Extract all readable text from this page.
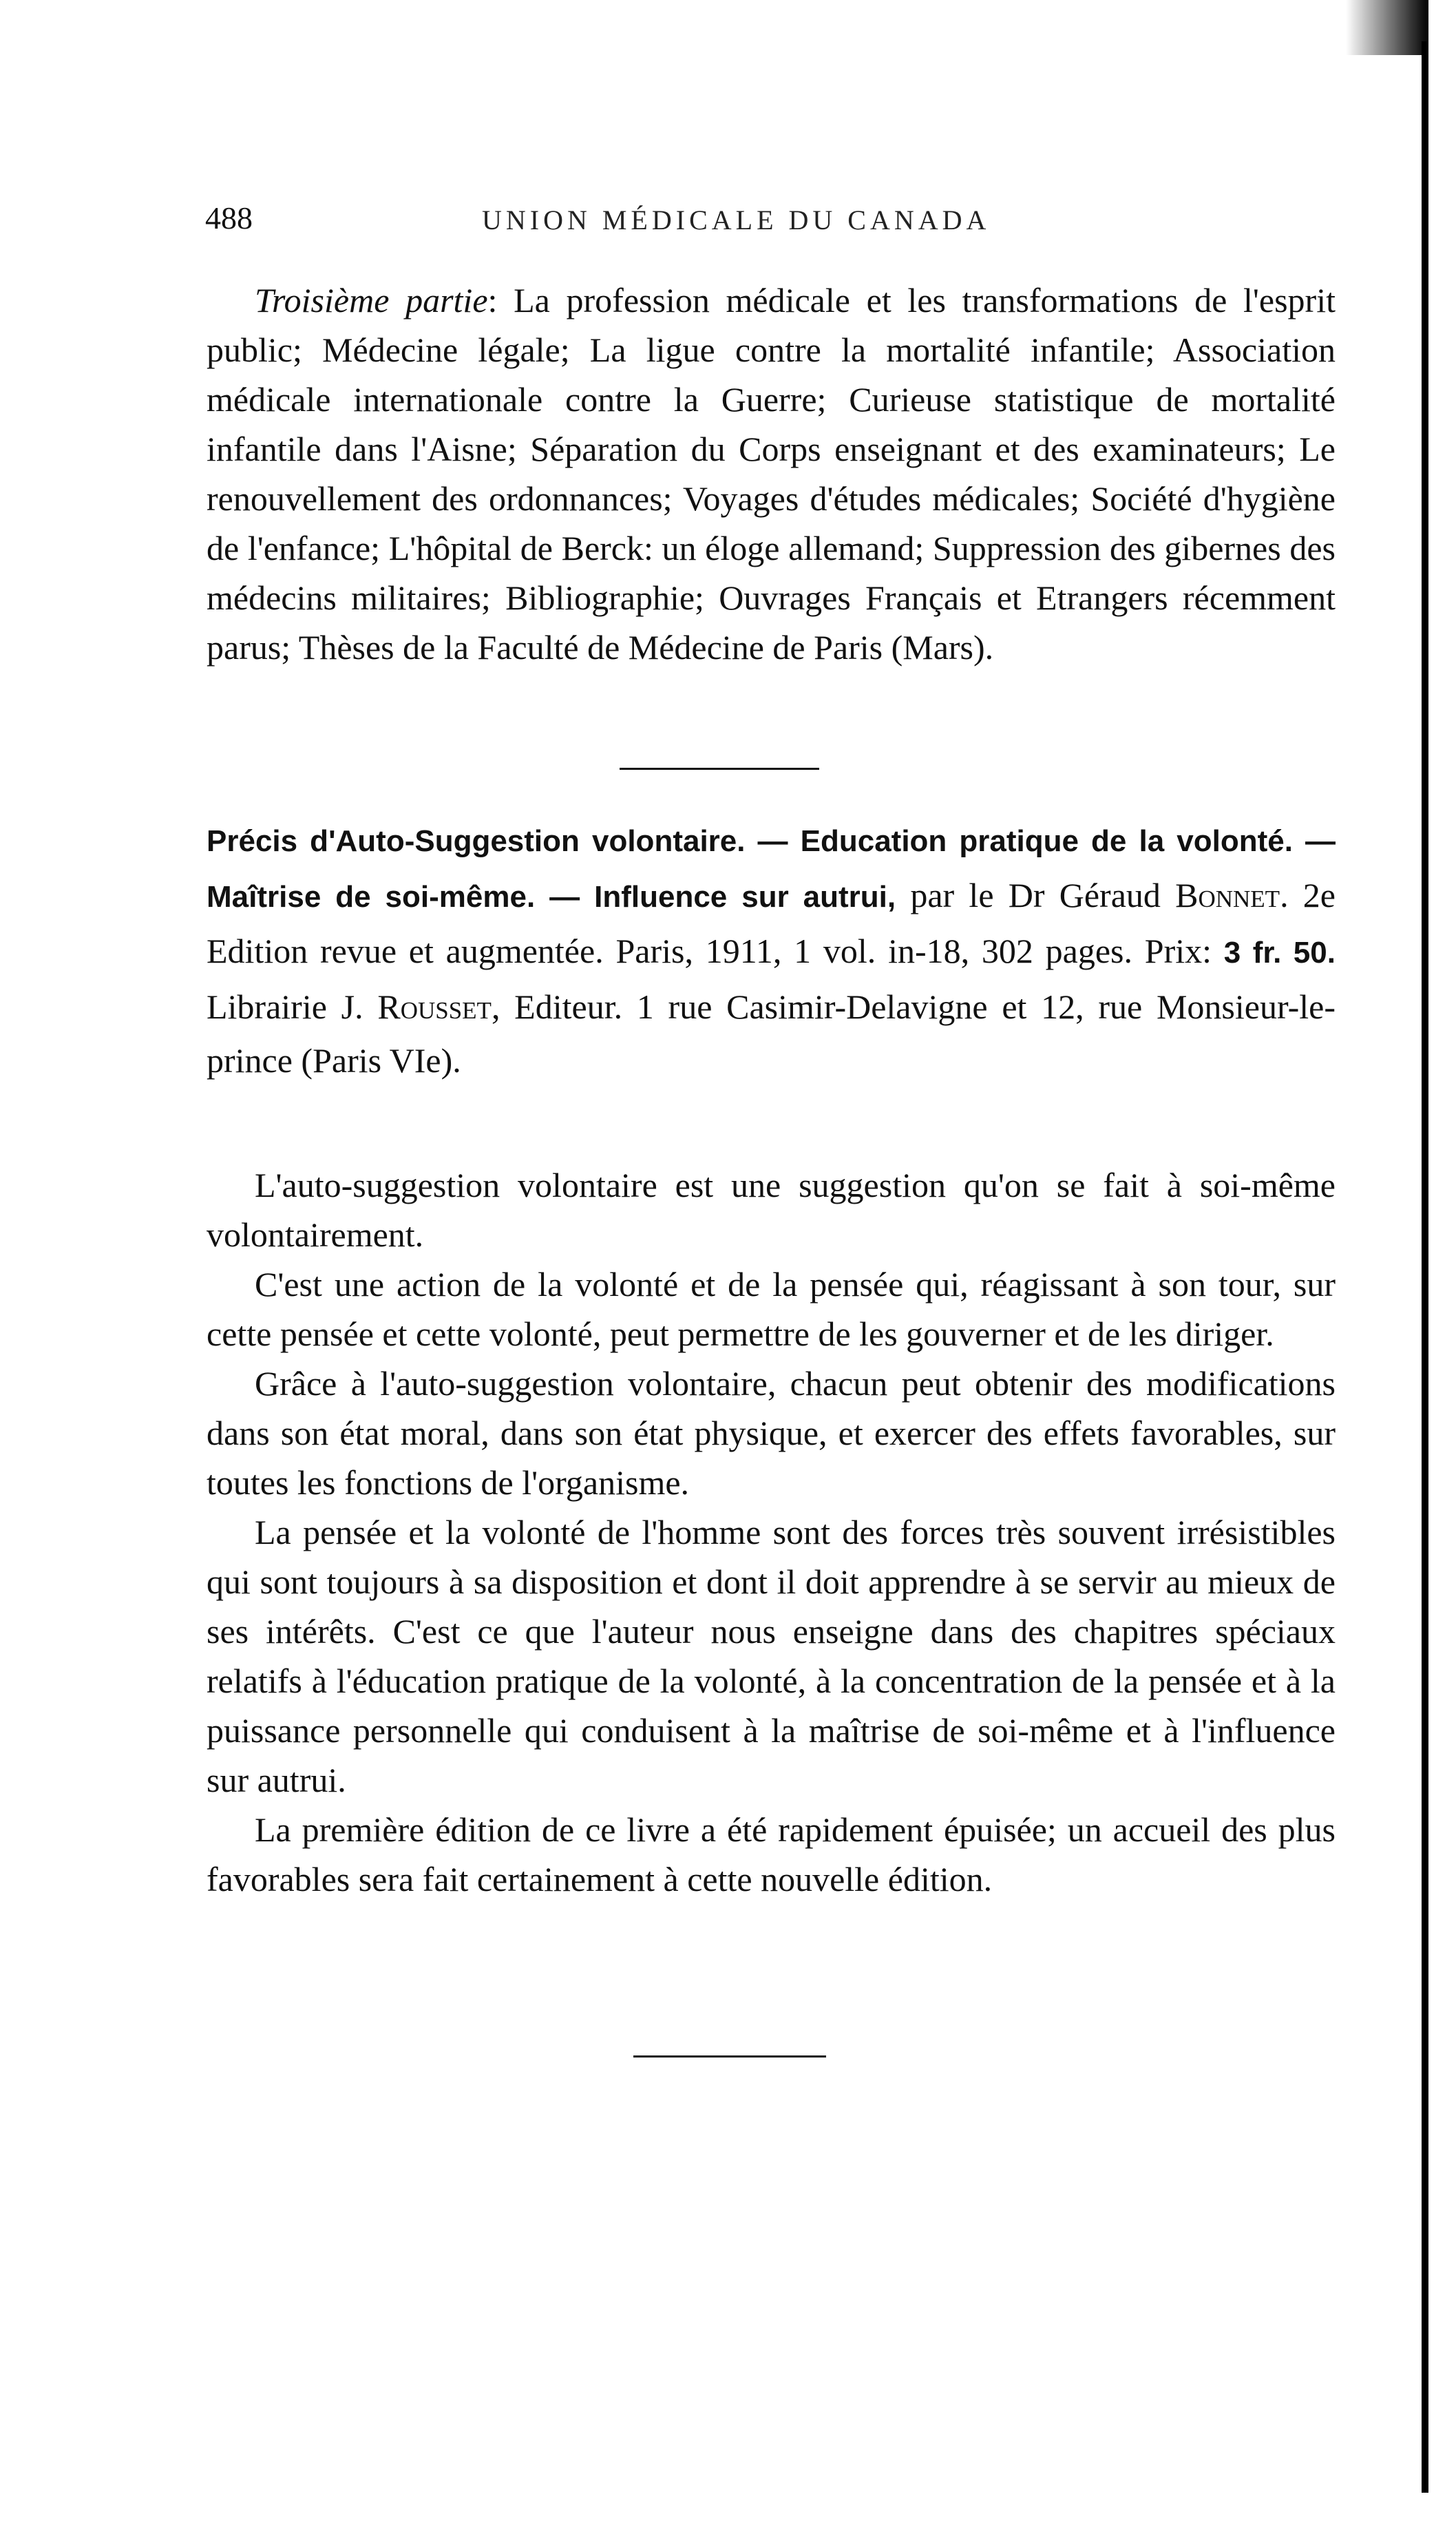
488	UNION MÉDICALE DU CANADA

Troisième partie: La profession médicale et les transformations de l'esprit public; Médecine légale; La ligue contre la mortalité infantile; Association médicale internationale contre la Guerre; Curieuse statistique de mortalité infantile dans l'Aisne; Séparation du Corps enseignant et des examinateurs; Le renouvellement des ordonnances; Voyages d'études médicales; Société d'hygiène de l'enfance; L'hôpital de Berck: un éloge allemand; Suppression des gibernes des médecins militaires; Bibliographie; Ouvrages Français et Etrangers récemment parus; Thèses de la Faculté de Médecine de Paris (Mars).

Précis d'Auto-Suggestion volontaire. — Education pratique de la volonté. — Maîtrise de soi-même. — Influence sur autrui, par le Dr Géraud Bonnet. 2e Edition revue et augmentée. Paris, 1911, 1 vol. in-18, 302 pages. Prix: 3 fr. 50. Librairie J. Rousset, Editeur. 1 rue Casimir-Delavigne et 12, rue Monsieur-le-prince (Paris VIe).

L'auto-suggestion volontaire est une suggestion qu'on se fait à soi-même volontairement.

C'est une action de la volonté et de la pensée qui, réagissant à son tour, sur cette pensée et cette volonté, peut permettre de les gouverner et de les diriger.

Grâce à l'auto-suggestion volontaire, chacun peut obtenir des modifications dans son état moral, dans son état physique, et exercer des effets favorables, sur toutes les fonctions de l'organisme.

La pensée et la volonté de l'homme sont des forces très souvent irrésistibles qui sont toujours à sa disposition et dont il doit apprendre à se servir au mieux de ses intérêts. C'est ce que l'auteur nous enseigne dans des chapitres spéciaux relatifs à l'éducation pratique de la volonté, à la concentration de la pensée et à la puissance personnelle qui conduisent à la maîtrise de soi-même et à l'influence sur autrui.

La première édition de ce livre a été rapidement épuisée; un accueil des plus favorables sera fait certainement à cette nouvelle édition.
